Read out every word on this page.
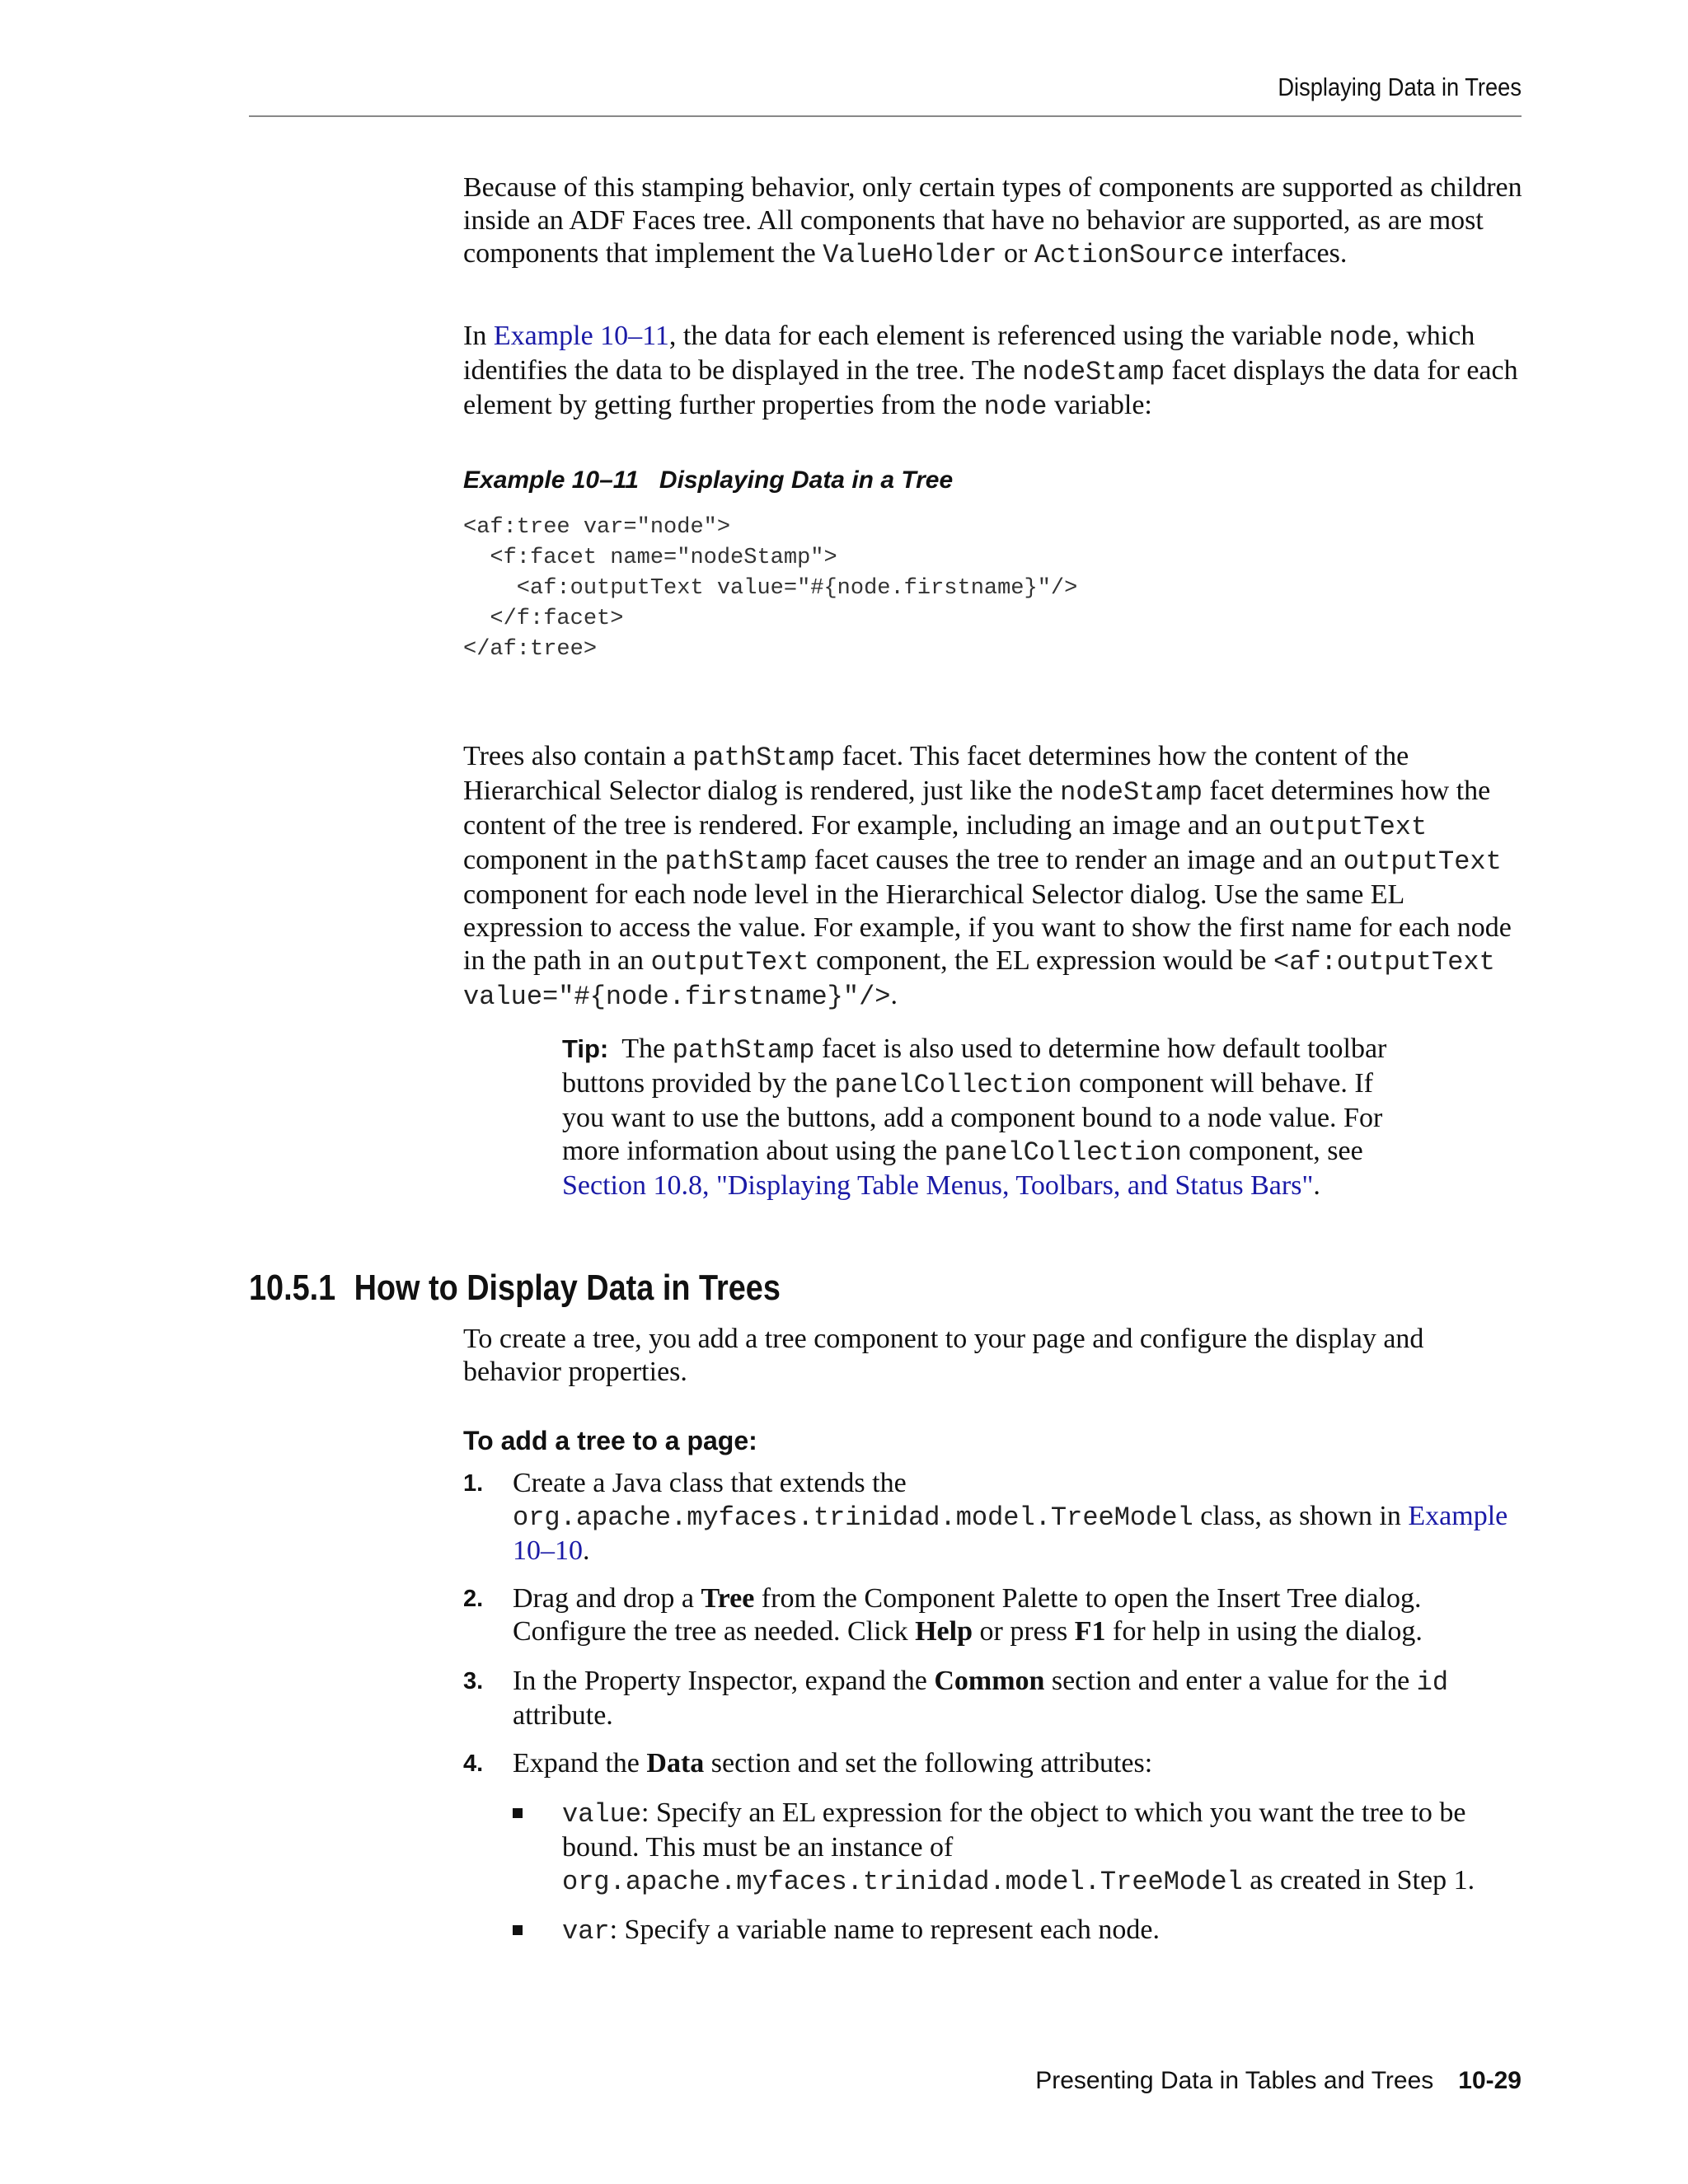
Displaying Data in Trees

Because of this stamping behavior, only certain types of components are supported as children inside an ADF Faces tree. All components that have no behavior are supported, as are most components that implement the ValueHolder or ActionSource interfaces.

In Example 10–11, the data for each element is referenced using the variable node, which identifies the data to be displayed in the tree. The nodeStamp facet displays the data for each element by getting further properties from the node variable:

Example 10–11   Displaying Data in a Tree
<af:tree var="node">
<f:facet name="nodeStamp">
<af:outputText value="#{node.firstname}"/>
</f:facet>
</af:tree>

Trees also contain a pathStamp facet. This facet determines how the content of the Hierarchical Selector dialog is rendered, just like the nodeStamp facet determines how the content of the tree is rendered. For example, including an image and an outputText component in the pathStamp facet causes the tree to render an image and an outputText component for each node level in the Hierarchical Selector dialog. Use the same EL expression to access the value. For example, if you want to show the first name for each node in the path in an outputText component, the EL expression would be <af:outputText value="#{node.firstname}"/>.

Tip: The pathStamp facet is also used to determine how default toolbar buttons provided by the panelCollection component will behave. If you want to use the buttons, add a component bound to a node value. For more information about using the panelCollection component, see Section 10.8, "Displaying Table Menus, Toolbars, and Status Bars".
10.5.1 How to Display Data in Trees

To create a tree, you add a tree component to your page and configure the display and behavior properties.

To add a tree to a page:
1. Create a Java class that extends the org.apache.myfaces.trinidad.model.TreeModel class, as shown in Example 10–10.
2. Drag and drop a Tree from the Component Palette to open the Insert Tree dialog. Configure the tree as needed. Click Help or press F1 for help in using the dialog.
3. In the Property Inspector, expand the Common section and enter a value for the id attribute.
4. Expand the Data section and set the following attributes:
value: Specify an EL expression for the object to which you want the tree to be bound. This must be an instance of org.apache.myfaces.trinidad.model.TreeModel as created in Step 1.
var: Specify a variable name to represent each node.
Presenting Data in Tables and Trees 10-29
